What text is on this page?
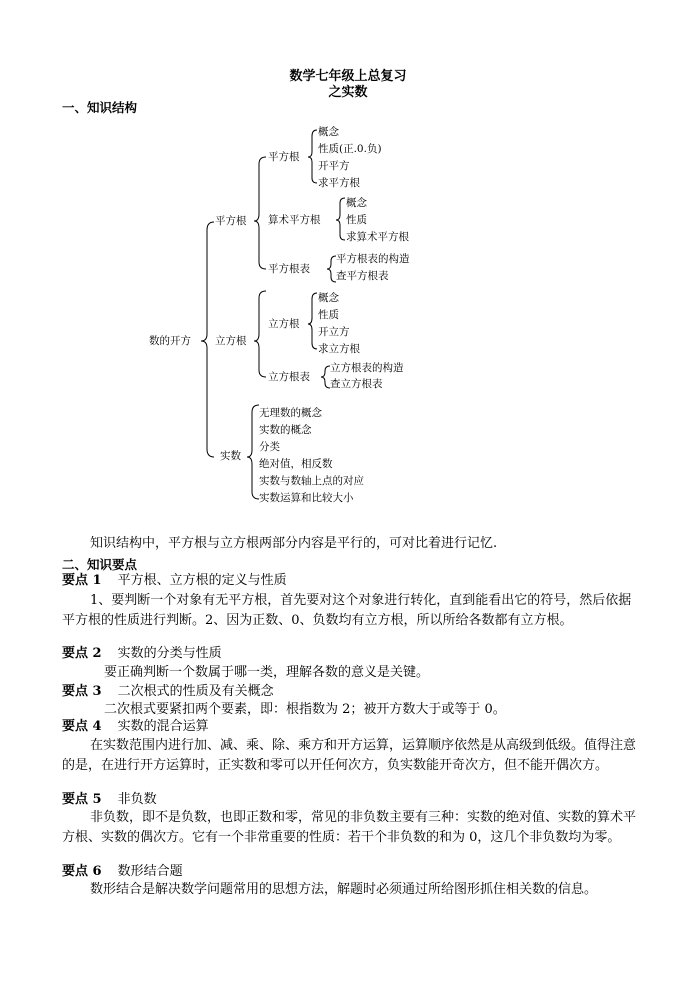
数学七年级上总复习
之实数
一、知识结构
数的开方
平方根
立方根
实数
平方根
概念
性质(正.0.负)
开平方
求平方根
算术平方根
概念
性质
求算术平方根
平方根表
平方根表的构造
查平方根表
立方根
概念
性质
开立方
求立方根
立方根表
立方根表的构造
查立方根表
无理数的概念
实数的概念
分类
绝对值，相反数
实数与数轴上点的对应
实数运算和比较大小
知识结构中，平方根与立方根两部分内容是平行的，可对比着进行记忆.
二、知识要点
要点 1 平方根、立方根的定义与性质
1、要判断一个对象有无平方根，首先要对这个对象进行转化，直到能看出它的符号，然后依据平方根的性质进行判断。2、因为正数、0、负数均有立方根，所以所给各数都有立方根。
要点 2 实数的分类与性质
要正确判断一个数属于哪一类，理解各数的意义是关键。
要点 3 二次根式的性质及有关概念
二次根式要紧扣两个要素，即：根指数为 2；被开方数大于或等于 0。
要点 4 实数的混合运算
在实数范围内进行加、减、乘、除、乘方和开方运算，运算顺序依然是从高级到低级。值得注意的是，在进行开方运算时，正实数和零可以开任何次方，负实数能开奇次方，但不能开偶次方。
要点 5 非负数
非负数，即不是负数，也即正数和零，常见的非负数主要有三种：实数的绝对值、实数的算术平方根、实数的偶次方。它有一个非常重要的性质：若干个非负数的和为 0，这几个非负数均为零。
要点 6 数形结合题
数形结合是解决数学问题常用的思想方法，解题时必须通过所给图形抓住相关数的信息。
